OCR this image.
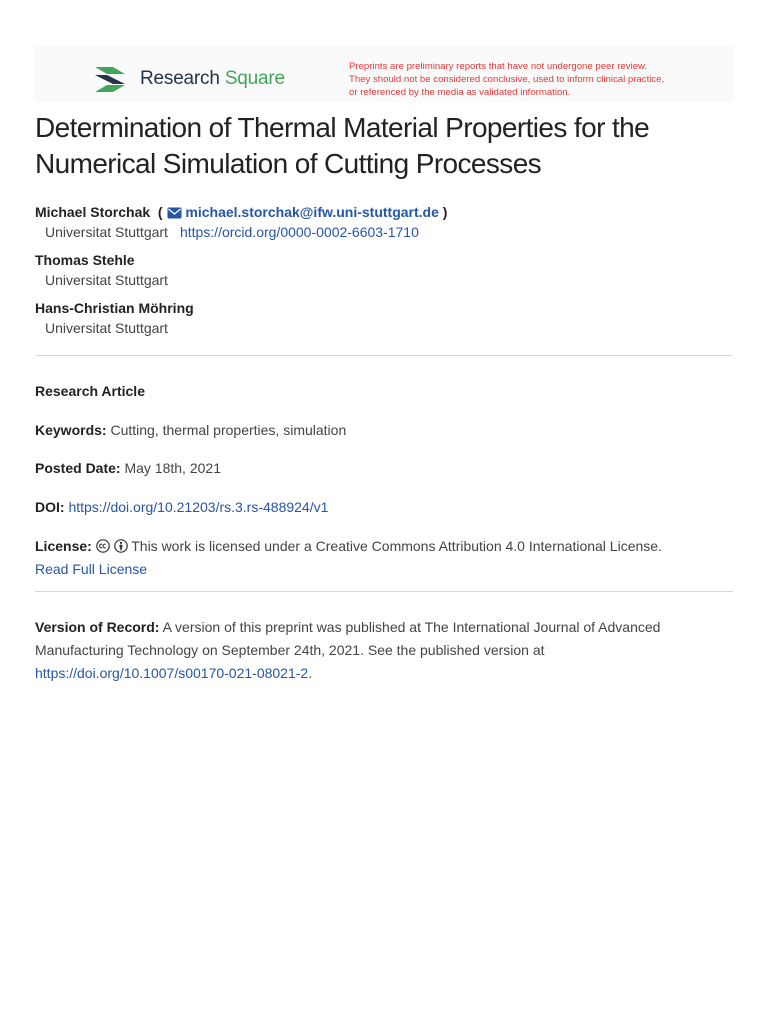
Research Square
Preprints are preliminary reports that have not undergone peer review.
They should not be considered conclusive, used to inform clinical practice,
or referenced by the media as validated information.
Determination of Thermal Material Properties for the Numerical Simulation of Cutting Processes
Michael Storchak  (  michael.storchak@ifw.uni-stuttgart.de )
Universitat Stuttgart https://orcid.org/0000-0002-6603-1710
Thomas Stehle
Universitat Stuttgart
Hans-Christian Möhring
Universitat Stuttgart
Research Article
Keywords: Cutting, thermal properties, simulation
Posted Date: May 18th, 2021
DOI: https://doi.org/10.21203/rs.3.rs-488924/v1
License:	This work is licensed under a Creative Commons Attribution 4.0 International License.
Read Full License
Version of Record: A version of this preprint was published at The International Journal of Advanced Manufacturing Technology on September 24th, 2021. See the published version at https://doi.org/10.1007/s00170-021-08021-2.
